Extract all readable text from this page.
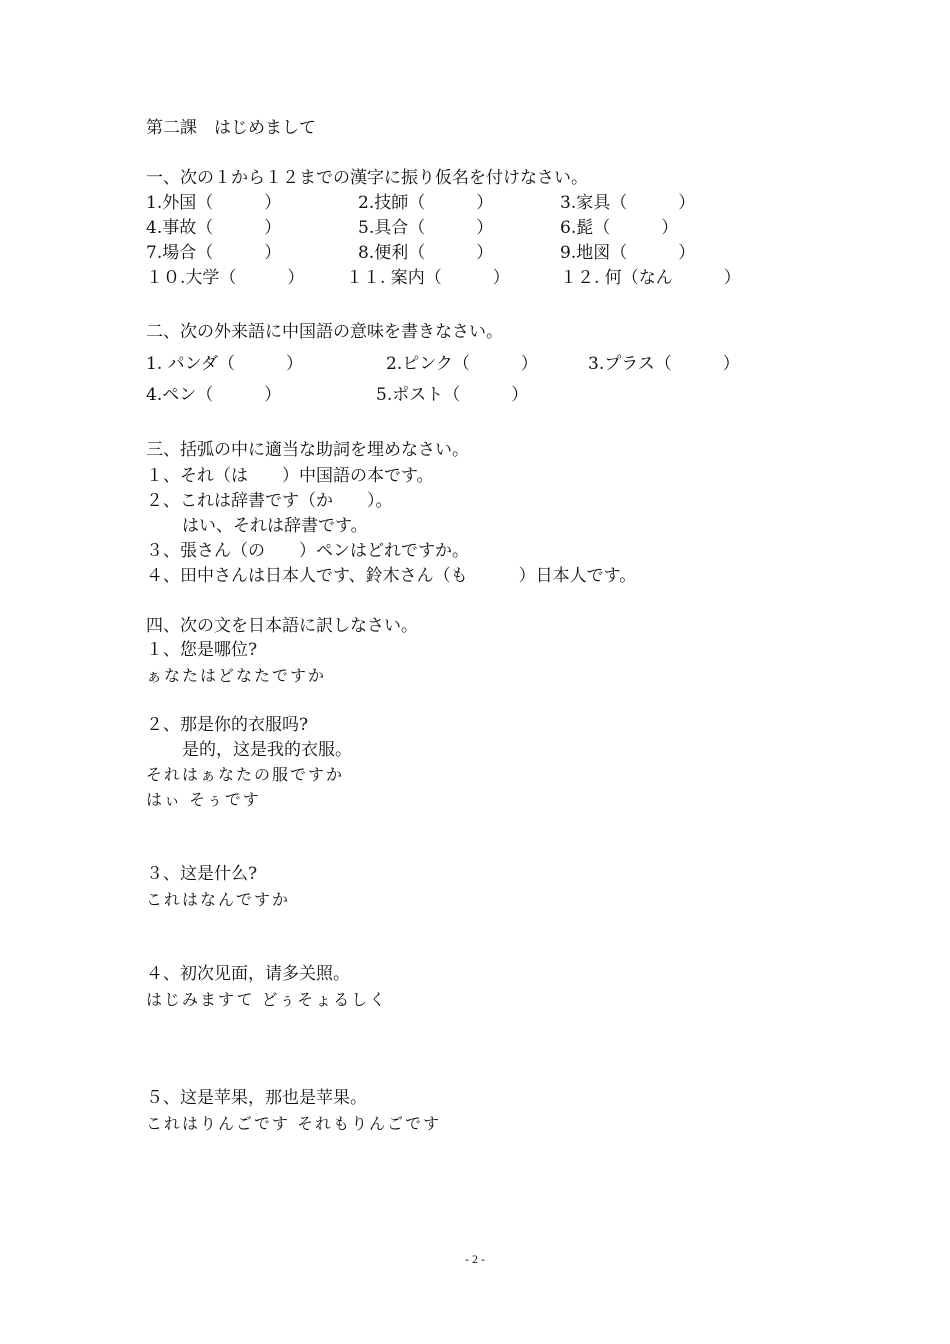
第二課　はじめまして
一、次の１から１２までの漢字に振り仮名を付けなさい。
1.外国（　　　）	2.技師（　　　）	3.家具（　　　）
4.事故（　　　）	5.具合（　　　）	6.髭（　　　）
7.場合（　　　）	8.便利（　　　）	9.地図（　　　）
１０.大学（　　　） １１. 案内（　　　）	１２. 何（なん　　　）
二、次の外来語に中国語の意味を書きなさい。
1. パンダ（　　　）	2.ピンク（　　　）	3.プラス（　　　）
4.ペン（　　　）	5.ポスト（　　　）
三、括弧の中に適当な助詞を埋めなさい。
１、それ（は　　）中国語の本です。
２、これは辞書です（か　　）。
はい、それは辞書です。
３、張さん（の　　）ペンはどれですか。
４、田中さんは日本人です、鈴木さん（も　　　）日本人です。
四、次の文を日本語に訳しなさい。
１、您是哪位?
ぁなたはどなたですか
２、那是你的衣服吗?
是的，这是我的衣服。
それはぁなたの服ですか
はぃ そぅです
３、这是什么?
これはなんですか
４、初次见面，请多关照。
はじみますて どぅそょるしく
５、这是苹果，那也是苹果。
これはりんごです それもりんごです
- 2 -
